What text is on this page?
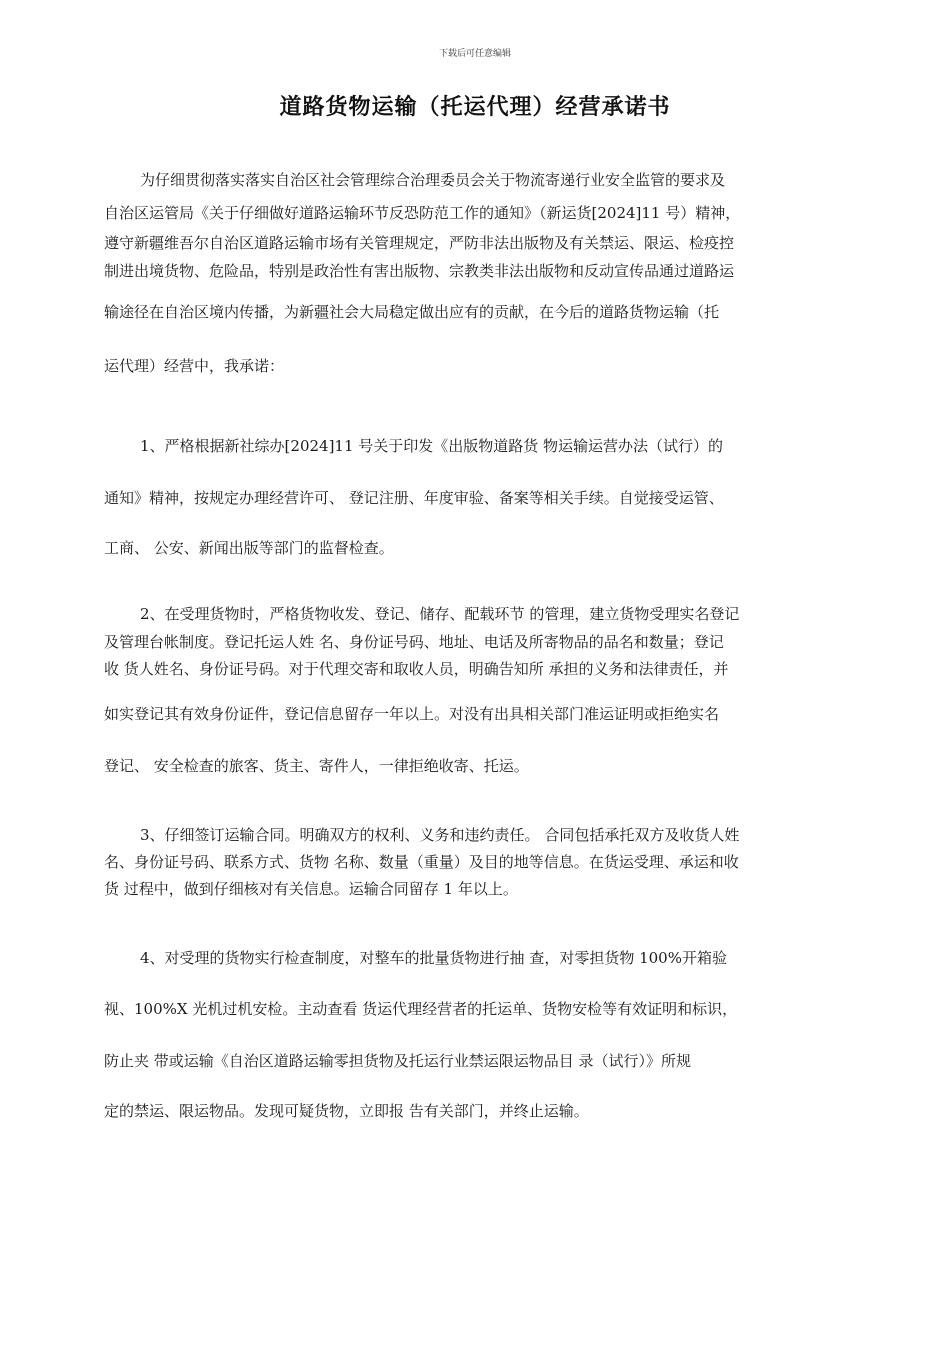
下载后可任意编辑
道路货物运输（托运代理）经营承诺书
为仔细贯彻落实落实自治区社会管理综合治理委员会关于物流寄递行业安全监管的要求及
自治区运管局《关于仔细做好道路运输环节反恐防范工作的通知》（新运货[2024]11 号）精神，
遵守新疆维吾尔自治区道路运输市场有关管理规定，严防非法出版物及有关禁运、限运、检疫控
制进出境货物、危险品，特别是政治性有害出版物、宗教类非法出版物和反动宣传品通过道路运
输途径在自治区境内传播，为新疆社会大局稳定做出应有的贡献，在今后的道路货物运输（托
运代理）经营中，我承诺：
1、严格根据新社综办[2024]11 号关于印发《出版物道路货 物运输运营办法（试行）的
通知》精神，按规定办理经营许可、 登记注册、年度审验、备案等相关手续。自觉接受运管、
工商、 公安、新闻出版等部门的监督检查。
2、在受理货物时，严格货物收发、登记、储存、配载环节 的管理，建立货物受理实名登记
及管理台帐制度。登记托运人姓 名、身份证号码、地址、电话及所寄物品的品名和数量；登记
收 货人姓名、身份证号码。对于代理交寄和取收人员，明确告知所 承担的义务和法律责任，并
如实登记其有效身份证件，登记信息留存一年以上。对没有出具相关部门准运证明或拒绝实名
登记、 安全检查的旅客、货主、寄件人，一律拒绝收寄、托运。
3、仔细签订运输合同。明确双方的权利、义务和违约责任。 合同包括承托双方及收货人姓
名、身份证号码、联系方式、货物 名称、数量（重量）及目的地等信息。在货运受理、承运和收
货 过程中，做到仔细核对有关信息。运输合同留存 1 年以上。
4、对受理的货物实行检查制度，对整车的批量货物进行抽 查，对零担货物 100%开箱验
视、100%X 光机过机安检。主动查看 货运代理经营者的托运单、货物安检等有效证明和标识，
防止夹 带或运输《自治区道路运输零担货物及托运行业禁运限运物品目 录（试行）》所规
定的禁运、限运物品。发现可疑货物，立即报 告有关部门，并终止运输。
